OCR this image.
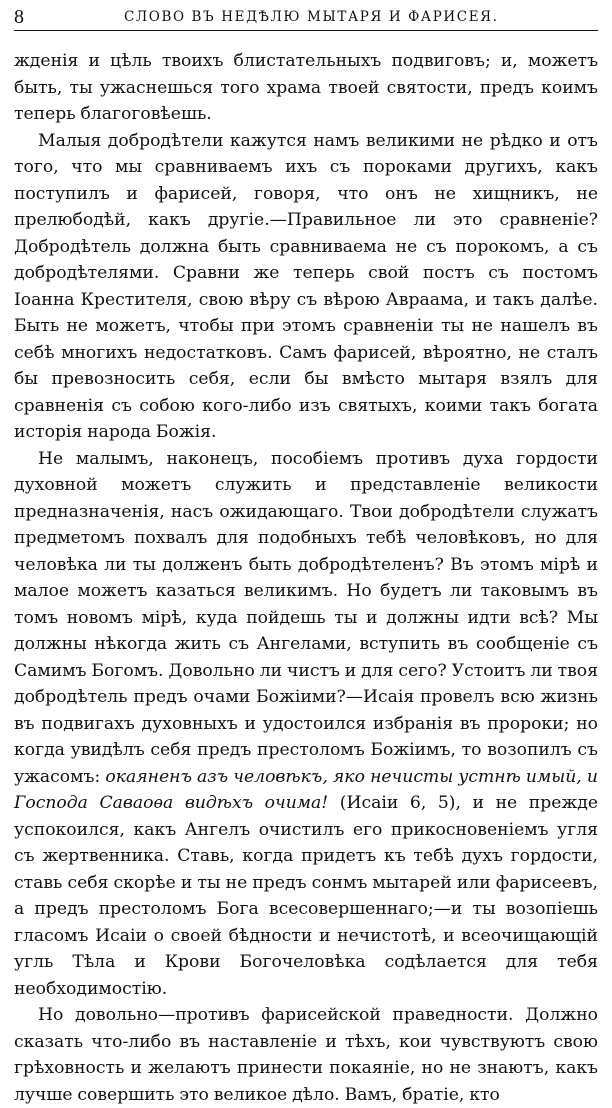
8	СЛОВО ВЪ НЕДѢЛЮ МЫТАРЯ И ФАРИСЕЯ.

жденія и цѣль твоихъ блистательныхъ подвиговъ; и, можетъ быть, ты ужаснешься того храма твоей святости, предъ коимъ теперь благоговѣешь.

Малыя добродѣтели кажутся намъ великими не рѣдко и отъ того, что мы сравниваемъ ихъ съ пороками другихъ, какъ поступилъ и фарисей, говоря, что онъ не хищникъ, не прелюбодѣй, какъ другіе.—Правильное ли это сравненіе? Добродѣтель должна быть сравниваема не съ порокомъ, а съ добродѣтелями. Сравни же теперь свой постъ съ постомъ Іоанна Крестителя, свою вѣру съ вѣрою Авраама, и такъ далѣе. Быть не можетъ, чтобы при этомъ сравненіи ты не нашелъ въ себѣ многихъ недостатковъ. Самъ фарисей, вѣроятно, не сталъ бы превозносить себя, если бы вмѣсто мытаря взялъ для сравненія съ собою кого-либо изъ святыхъ, коими такъ богата исторія народа Божія.

Не малымъ, наконецъ, пособіемъ противъ духа гордости духовной можетъ служить и представленіе великости предназначенія, насъ ожидающаго. Твои добродѣтели служатъ предметомъ похвалъ для подобныхъ тебѣ человѣковъ, но для человѣка ли ты долженъ быть добродѣтеленъ? Въ этомъ мірѣ и малое можетъ казаться великимъ. Но будетъ ли таковымъ въ томъ новомъ мірѣ, куда пойдешь ты и должны идти всѣ? Мы должны нѣкогда жить съ Ангелами, вступить въ сообщеніе съ Самимъ Богомъ. Довольно ли чистъ и для сего? Устоитъ ли твоя добродѣтель предъ очами Божіими?—Исаія провелъ всю жизнь въ подвигахъ духовныхъ и удостоился избранія въ пророки; но когда увидѣлъ себя предъ престоломъ Божіимъ, то возопилъ съ ужасомъ: окаяненъ азъ человѣкъ, яко нечисты устнѣ имый, и Господа Саваоѳа видѣхъ очима! (Исаіи 6, 5), и не прежде успокоился, какъ Ангелъ очистилъ его прикосновеніемъ угля съ жертвенника. Ставь, когда придетъ къ тебѣ духъ гордости, ставь себя скорѣе и ты не предъ сонмъ мытарей или фарисеевъ, а предъ престоломъ Бога всесовершеннаго;—и ты возопіешь гласомъ Исаіи о своей бѣдности и нечистотѣ, и всеочищающій угль Тѣла и Крови Богочеловѣка содѣлается для тебя необходимостію.

Но довольно—противъ фарисейской праведности. Должно сказать что-либо въ наставленіе и тѣхъ, кои чувствуютъ свою грѣховность и желаютъ принести покаяніе, но не знаютъ, какъ лучше совершить это великое дѣло. Вамъ, братіе, кто
